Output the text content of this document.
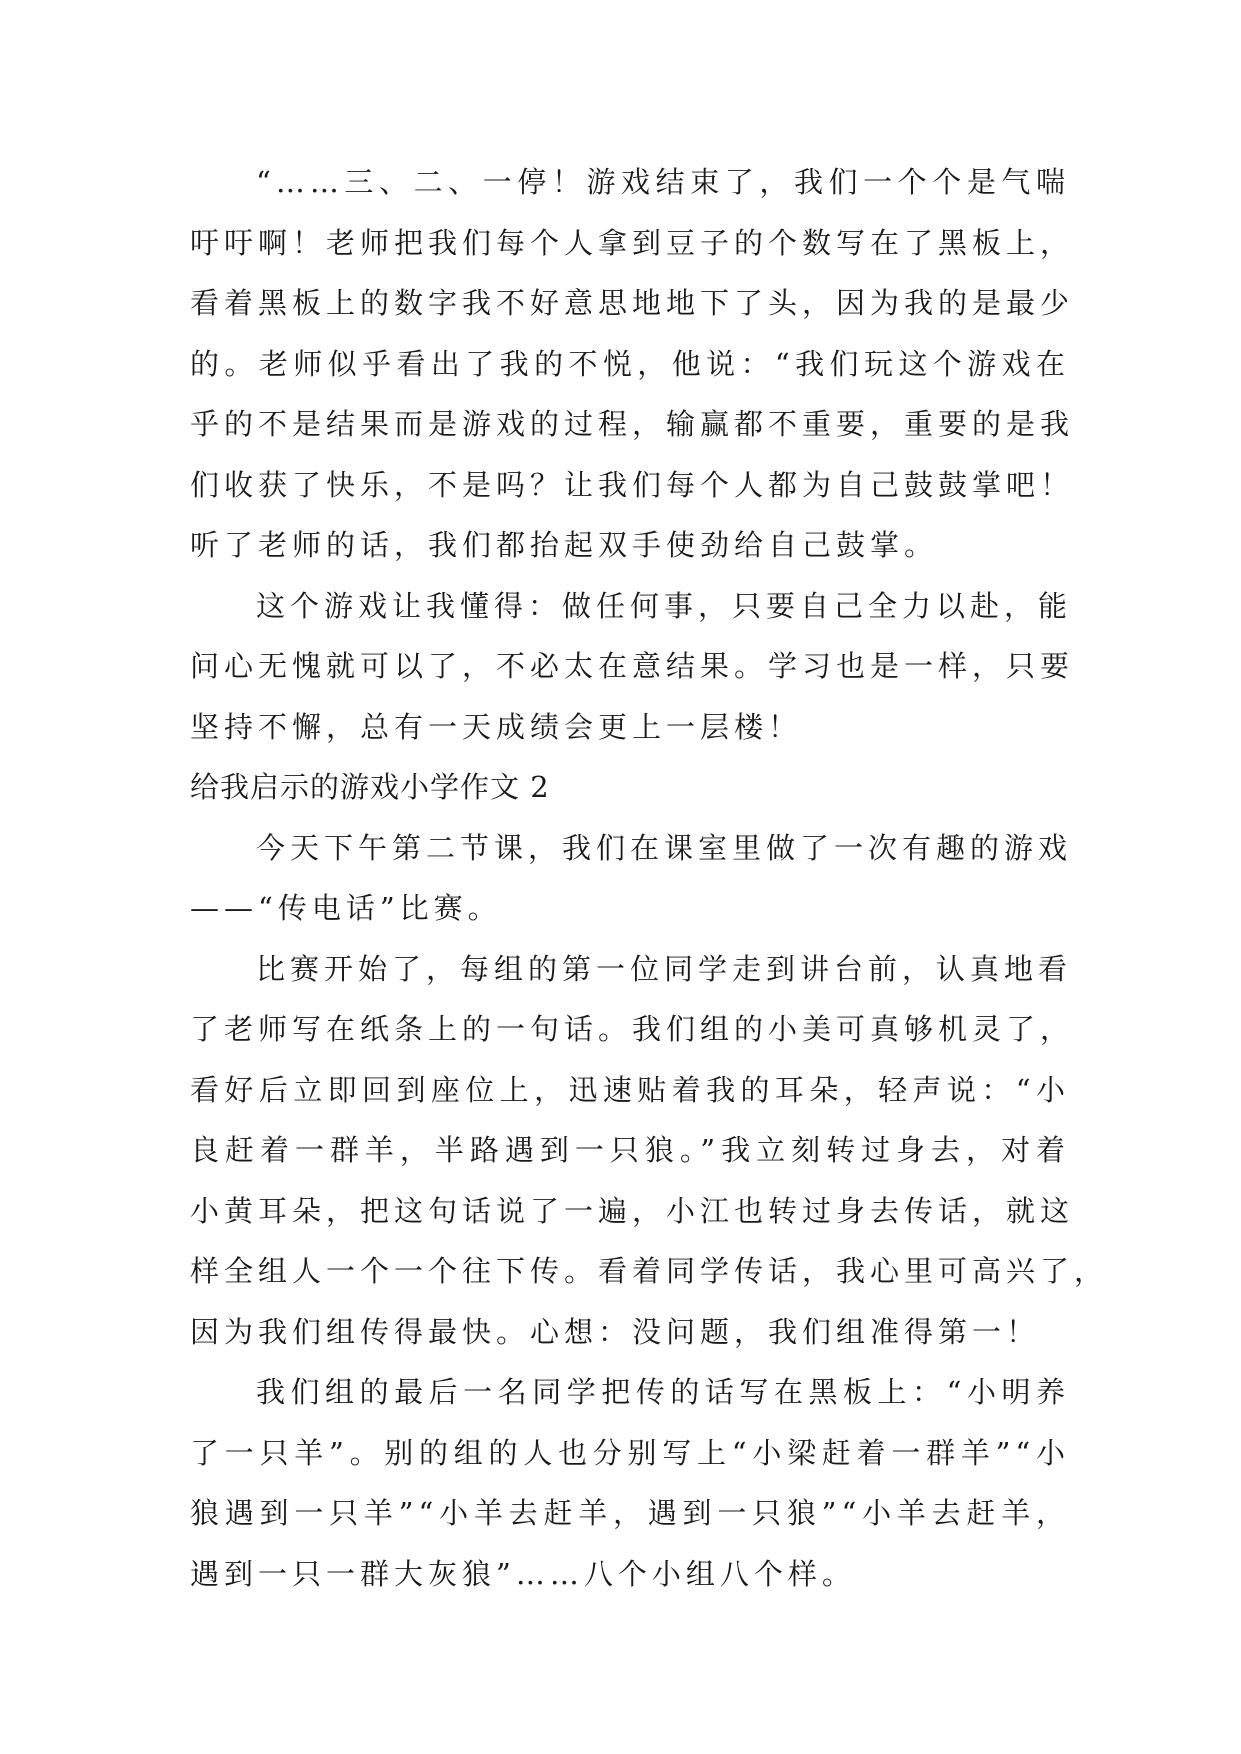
“……三、二、一停！游戏结束了，我们一个个是气喘
吁吁啊！老师把我们每个人拿到豆子的个数写在了黑板上，
看着黑板上的数字我不好意思地地下了头，因为我的是最少
的。老师似乎看出了我的不悦，他说：“我们玩这个游戏在
乎的不是结果而是游戏的过程，输赢都不重要，重要的是我
们收获了快乐，不是吗？让我们每个人都为自己鼓鼓掌吧！
听了老师的话，我们都抬起双手使劲给自己鼓掌。
这个游戏让我懂得：做任何事，只要自己全力以赴，能
问心无愧就可以了，不必太在意结果。学习也是一样，只要
坚持不懈，总有一天成绩会更上一层楼！
给我启示的游戏小学作文 2
今天下午第二节课，我们在课室里做了一次有趣的游戏
——“传电话”比赛。
比赛开始了，每组的第一位同学走到讲台前，认真地看
了老师写在纸条上的一句话。我们组的小美可真够机灵了，
看好后立即回到座位上，迅速贴着我的耳朵，轻声说：“小
良赶着一群羊，半路遇到一只狼。”我立刻转过身去，对着
小黄耳朵，把这句话说了一遍，小江也转过身去传话，就这
样全组人一个一个往下传。看着同学传话，我心里可高兴了，
因为我们组传得最快。心想：没问题，我们组准得第一！
我们组的最后一名同学把传的话写在黑板上：“小明养
了一只羊”。别的组的人也分别写上“小梁赶着一群羊”“小
狼遇到一只羊”“小羊去赶羊，遇到一只狼”“小羊去赶羊，
遇到一只一群大灰狼”……八个小组八个样。
